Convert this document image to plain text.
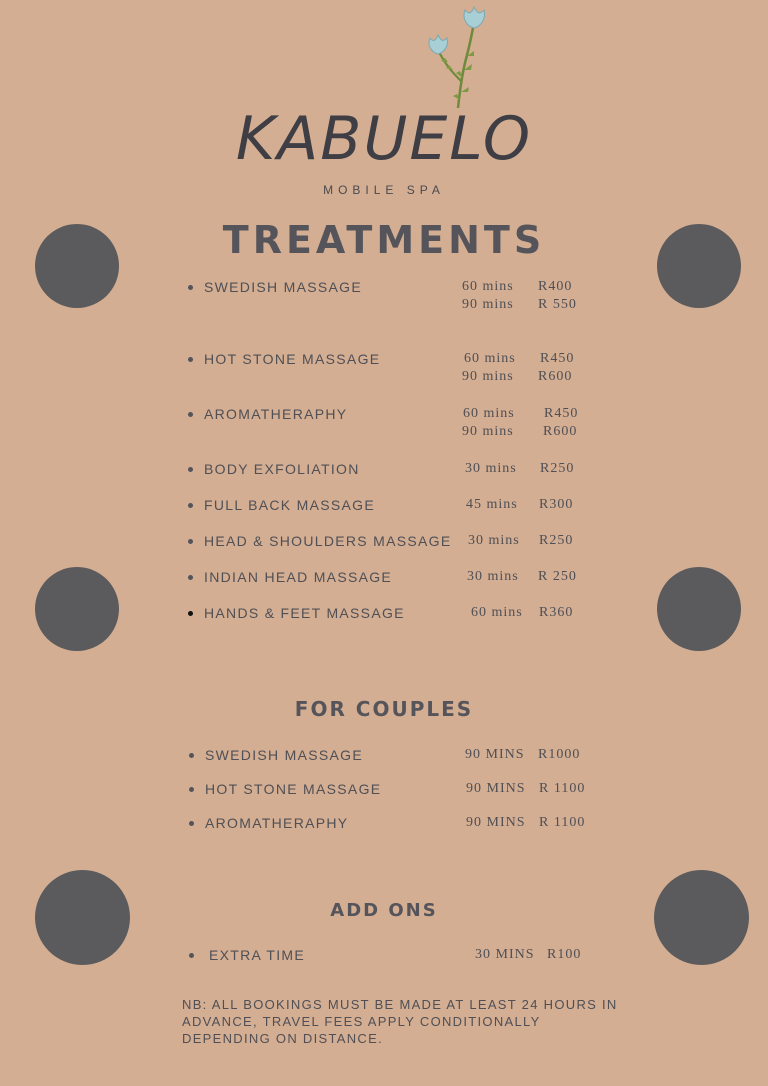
KABUELO
MOBILE SPA
TREATMENTS
SWEDISH MASSAGE	60 mins R400
90 mins R 550
HOT STONE MASSAGE	60 mins R450
90 mins R600
AROMATHERAPHY	60 mins R450
90 mins R600
BODY EXFOLIATION	30 mins R250
FULL BACK MASSAGE	45 mins R300
HEAD & SHOULDERS MASSAGE 30 mins R250
INDIAN HEAD MASSAGE	30 mins R 250
HANDS & FEET MASSAGE	60 mins R360
FOR COUPLES
SWEDISH MASSAGE	90 MINS R1000
HOT STONE MASSAGE	90 MINS R 1100
AROMATHERAPHY	90 MINS R 1100
ADD ONS
EXTRA TIME	30 MINS R100
NB: ALL BOOKINGS MUST BE MADE AT LEAST 24 HOURS IN ADVANCE, TRAVEL FEES APPLY CONDITIONALLY DEPENDING ON DISTANCE.
